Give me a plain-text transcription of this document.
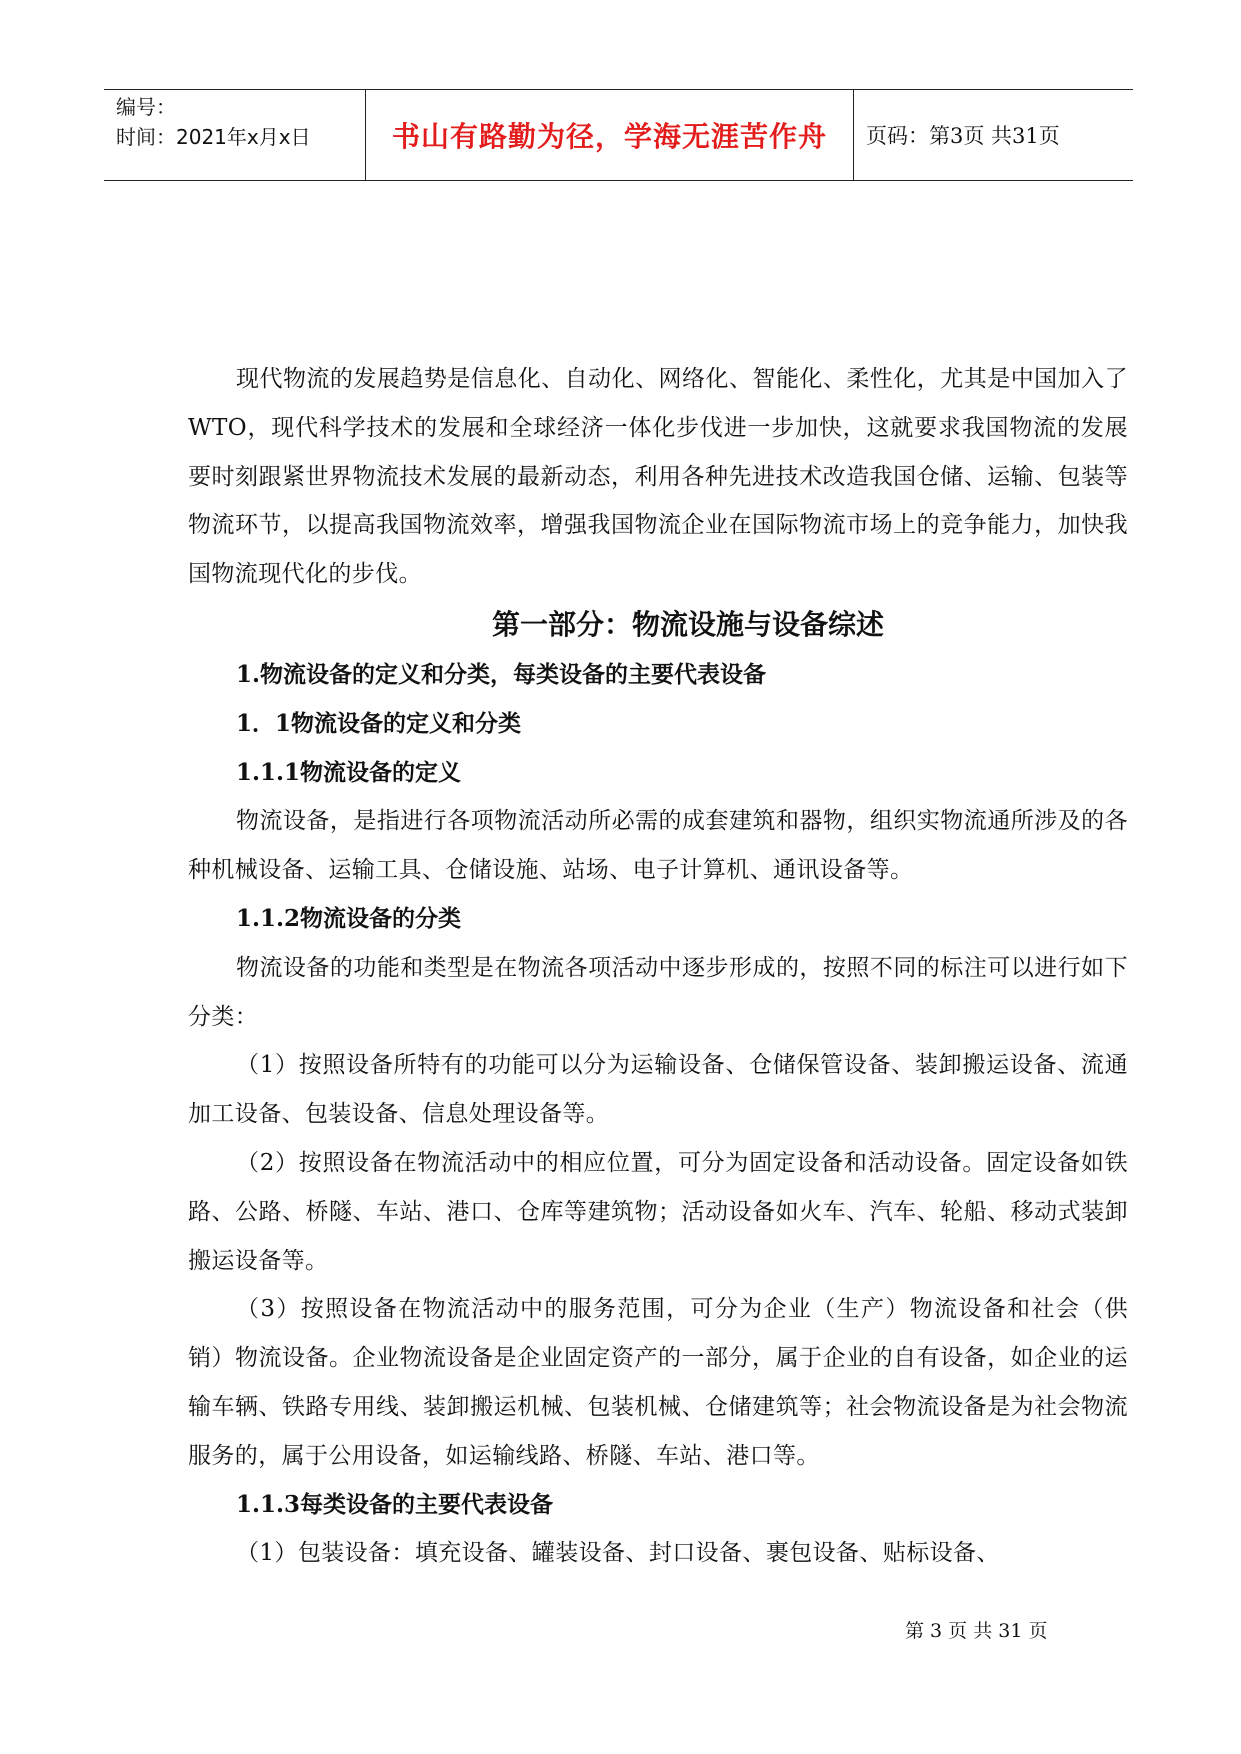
编号：
时间：2021年x月x日	书山有路勤为径，学海无涯苦作舟 页码：第3页 共31页

现代物流的发展趋势是信息化、自动化、网络化、智能化、柔性化，尤其是中国加入了WTO，现代科学技术的发展和全球经济一体化步伐进一步加快，这就要求我国物流的发展要时刻跟紧世界物流技术发展的最新动态，利用各种先进技术改造我国仓储、运输、包装等物流环节，以提高我国物流效率，增强我国物流企业在国际物流市场上的竞争能力，加快我国物流现代化的步伐。

第一部分：物流设施与设备综述

1.物流设备的定义和分类，每类设备的主要代表设备

1．1物流设备的定义和分类

1.1.1物流设备的定义

物流设备，是指进行各项物流活动所必需的成套建筑和器物，组织实物流通所涉及的各种机械设备、运输工具、仓储设施、站场、电子计算机、通讯设备等。

1.1.2物流设备的分类

物流设备的功能和类型是在物流各项活动中逐步形成的，按照不同的标注可以进行如下分类：

（1）按照设备所特有的功能可以分为运输设备、仓储保管设备、装卸搬运设备、流通加工设备、包装设备、信息处理设备等。

（2）按照设备在物流活动中的相应位置，可分为固定设备和活动设备。固定设备如铁路、公路、桥隧、车站、港口、仓库等建筑物；活动设备如火车、汽车、轮船、移动式装卸搬运设备等。

（3）按照设备在物流活动中的服务范围，可分为企业（生产）物流设备和社会（供销）物流设备。企业物流设备是企业固定资产的一部分，属于企业的自有设备，如企业的运输车辆、铁路专用线、装卸搬运机械、包装机械、仓储建筑等；社会物流设备是为社会物流服务的，属于公用设备，如运输线路、桥隧、车站、港口等。

1.1.3每类设备的主要代表设备

（1）包装设备：填充设备、罐装设备、封口设备、裹包设备、贴标设备、

第 3 页 共 31 页
